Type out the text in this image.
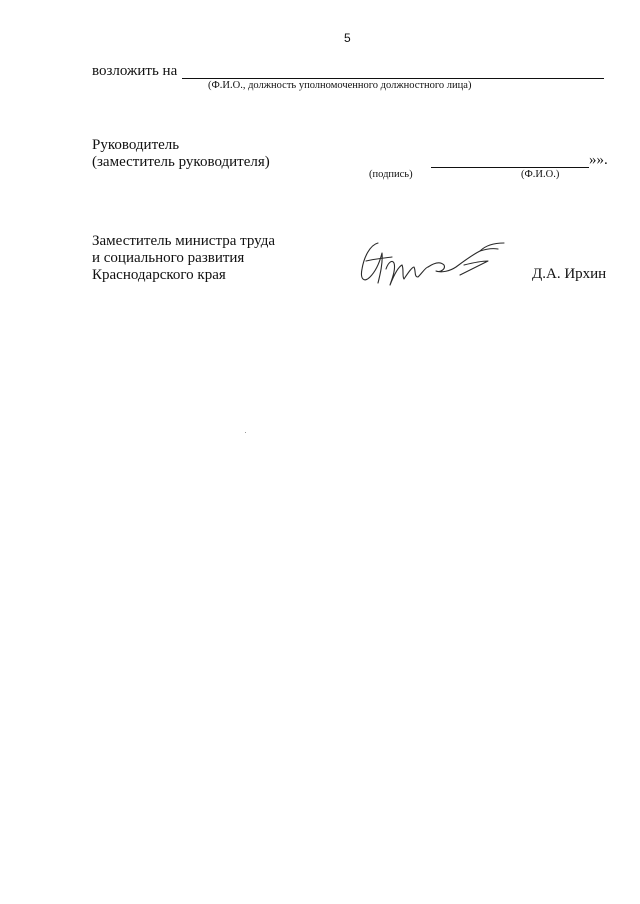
5
возложить на
(Ф.И.О., должность уполномоченного должностного лица)
Руководитель
(заместитель руководителя)
(подпись)
»».
(Ф.И.О.)
Заместитель министра труда
и социального развития
Краснодарского края	Д.А. Ирхин
